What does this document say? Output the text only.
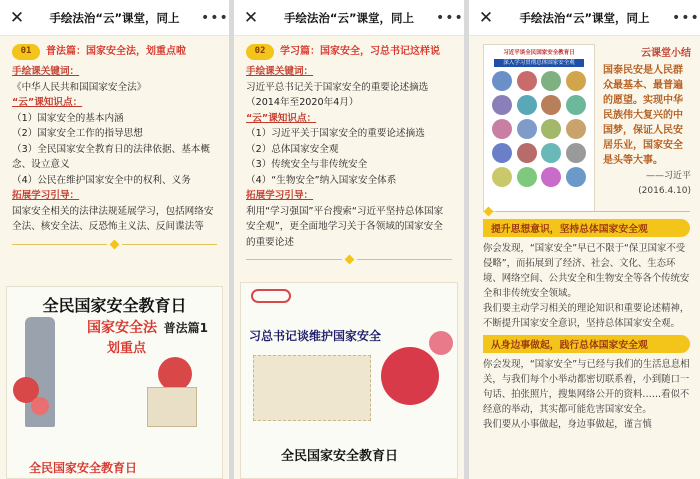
✕	手绘法治“云”课堂，同上	•••
01	普法篇：国家安全法，划重点啦
手绘课关键词：
《中华人民共和国国家安全法》
“云”课知识点：
（1）国家安全的基本内涵
（2）国家安全工作的指导思想
（3）全民国家安全教育日的法律依据、基本概念、设立意义
（4）公民在维护国家安全中的权利、义务
拓展学习引导：
国家安全相关的法律法规延展学习，包括网络安全法、核安全法、反恐怖主义法、反间谍法等
全民国家安全教育日
国家安全法
划重点
普法篇1
全民国家安全教育日
✕	手绘法治“云”课堂，同上	•••
02	学习篇：国家安全，习总书记这样说
手绘课关键词：
习近平总书记关于国家安全的重要论述摘选（2014年至2020年4月）
“云”课知识点：
（1）习近平关于国家安全的重要论述摘选
（2）总体国家安全观
（3）传统安全与非传统安全
（4）“生物安全”纳入国家安全体系
拓展学习引导：
利用“学习强国”平台搜索“习近平坚持总体国家安全观”，更全面地学习关于各领域的国家安全的重要论述
习总书记谈维护国家安全
全民国家安全教育日
✕	手绘法治“云”课堂，同上	•••
习近平谈全民国家安全教育日
深入学习贯彻总体国家安全观
云课堂小结
国泰民安是人民群众最基本、最普遍的愿望。实现中华民族伟大复兴的中国梦，保证人民安居乐业，国家安全是头等大事。
——习近平
(2016.4.10)
提升思想意识，坚持总体国家安全观
你会发现，“国家安全”早已不限于“保卫国家不受侵略”，而拓展到了经济、社会、文化、生态环境、网络空间、公共安全和生物安全等各个传统安全和非传统安全领域。
我们要主动学习相关的理论知识和重要论述精神，不断提升国家安全意识，坚持总体国家安全观。
从身边事做起，践行总体国家安全观
你会发现，“国家安全”与已经与我们的生活息息相关，与我们每个小举动都密切联系着，小到随口一句话、拍张照片，搜集网络公开的资料……看似不经意的举动，其实都可能危害国家安全。
我们要从小事做起，身边事做起，谨言慎
